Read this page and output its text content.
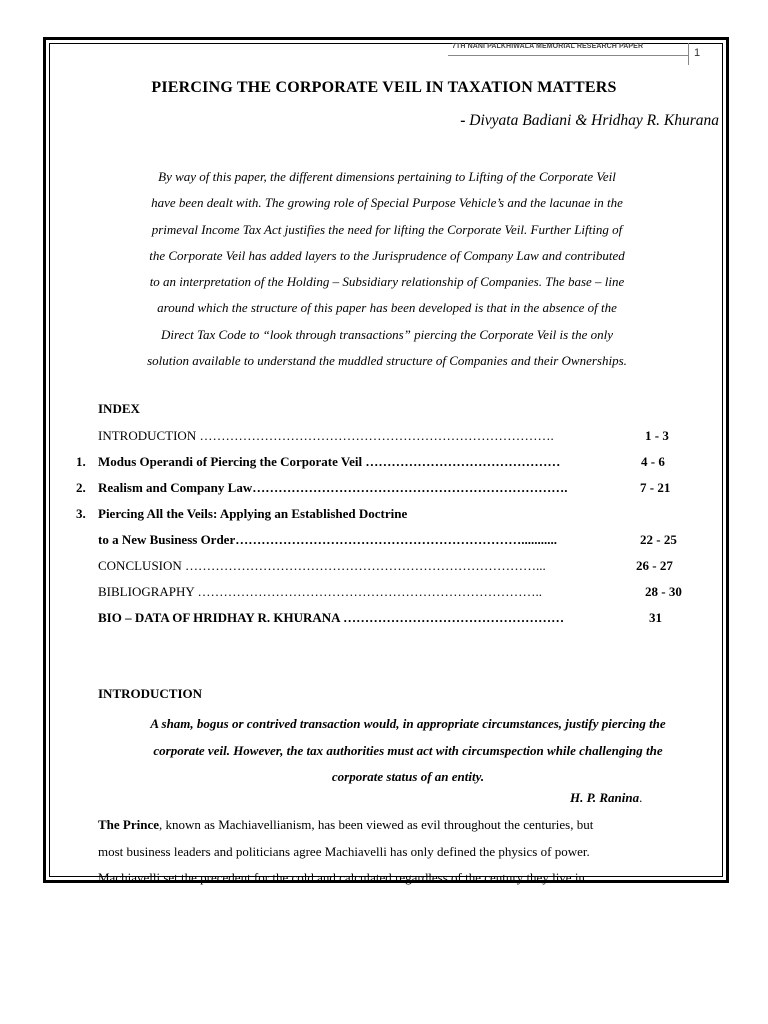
7TH NANI PALKHIWALA MEMORIAL RESEARCH PAPER
1
PIERCING THE CORPORATE VEIL IN TAXATION MATTERS
- Divyata Badiani & Hridhay R. Khurana
By way of this paper, the different dimensions pertaining to Lifting of the Corporate Veil
have been dealt with. The growing role of Special Purpose Vehicle’s and the lacunae in the
primeval Income Tax Act justifies the need for lifting the Corporate Veil. Further Lifting of
the Corporate Veil has added layers to the Jurisprudence of Company Law and contributed
to an interpretation of the Holding – Subsidiary relationship of Companies. The base – line
around which the structure of this paper has been developed is that in the absence of the
Direct Tax Code to “look through transactions” piercing the Corporate Veil is the only
solution available to understand the muddled structure of Companies and their Ownerships.
INDEX
INTRODUCTION ……………………………………………………………………….	1 - 3
1. Modus Operandi of Piercing the Corporate Veil ………………………………………	4 - 6
2. Realism and Company Law……………………………………………………………….	7 - 21
3. Piercing All the Veils: Applying an Established Doctrine
to a New Business Order…………………………………………………………...........	22 - 25
CONCLUSION ………………………………………………………………………...	26 - 27
BIBLIOGRAPHY ……………………………………………………………………..	28 - 30
BIO – DATA OF HRIDHAY R. KHURANA ……………………………………………	31
INTRODUCTION
A sham, bogus or contrived transaction would, in appropriate circumstances, justify piercing the
corporate veil. However, the tax authorities must act with circumspection while challenging the
corporate status of an entity.
H. P. Ranina.
The Prince, known as Machiavellianism, has been viewed as evil throughout the centuries, but
most business leaders and politicians agree Machiavelli has only defined the physics of power.
Machiavelli set the precedent for the cold and calculated regardless of the century they live in.
